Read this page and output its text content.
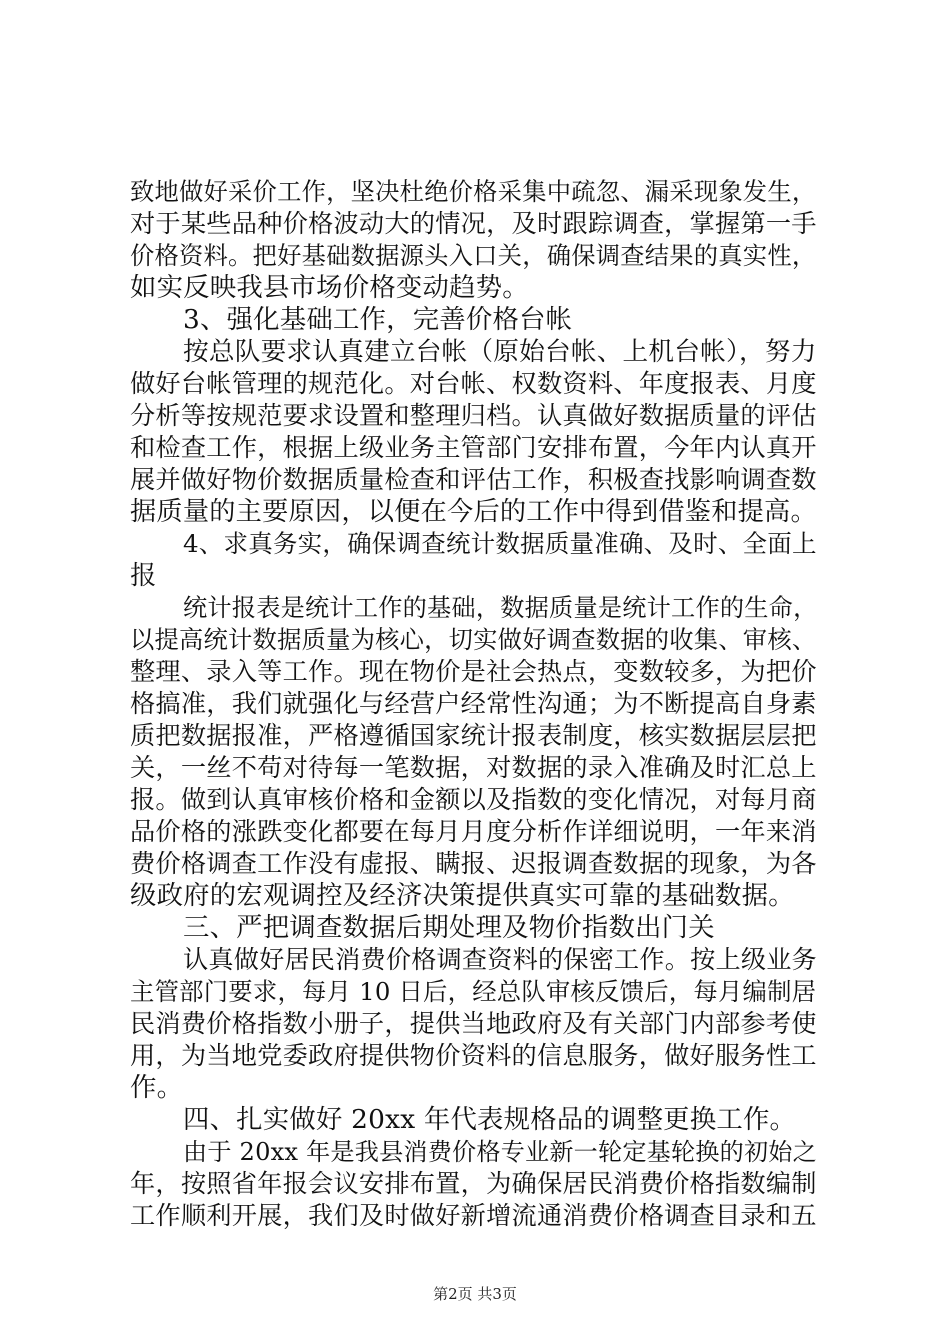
致地做好采价工作，坚决杜绝价格采集中疏忽、漏采现象发生，
对于某些品种价格波动大的情况，及时跟踪调查，掌握第一手
价格资料。把好基础数据源头入口关，确保调查结果的真实性，
如实反映我县市场价格变动趋势。
3、强化基础工作，完善价格台帐
按总队要求认真建立台帐（原始台帐、上机台帐），努力
做好台帐管理的规范化。对台帐、权数资料、年度报表、月度
分析等按规范要求设置和整理归档。认真做好数据质量的评估
和检查工作，根据上级业务主管部门安排布置，今年内认真开
展并做好物价数据质量检查和评估工作，积极查找影响调查数
据质量的主要原因，以便在今后的工作中得到借鉴和提高。
4、求真务实，确保调查统计数据质量准确、及时、全面上
报
统计报表是统计工作的基础，数据质量是统计工作的生命，
以提高统计数据质量为核心，切实做好调查数据的收集、审核、
整理、录入等工作。现在物价是社会热点，变数较多，为把价
格搞准，我们就强化与经营户经常性沟通；为不断提高自身素
质把数据报准，严格遵循国家统计报表制度，核实数据层层把
关，一丝不苟对待每一笔数据，对数据的录入准确及时汇总上
报。做到认真审核价格和金额以及指数的变化情况，对每月商
品价格的涨跌变化都要在每月月度分析作详细说明，一年来消
费价格调查工作没有虚报、瞒报、迟报调查数据的现象，为各
级政府的宏观调控及经济决策提供真实可靠的基础数据。
三、严把调查数据后期处理及物价指数出门关
认真做好居民消费价格调查资料的保密工作。按上级业务
主管部门要求，每月 10 日后，经总队审核反馈后，每月编制居
民消费价格指数小册子，提供当地政府及有关部门内部参考使
用，为当地党委政府提供物价资料的信息服务，做好服务性工
作。
四、扎实做好 20xx 年代表规格品的调整更换工作。
由于 20xx 年是我县消费价格专业新一轮定基轮换的初始之
年，按照省年报会议安排布置，为确保居民消费价格指数编制
工作顺利开展，我们及时做好新增流通消费价格调查目录和五
第2页 共3页
